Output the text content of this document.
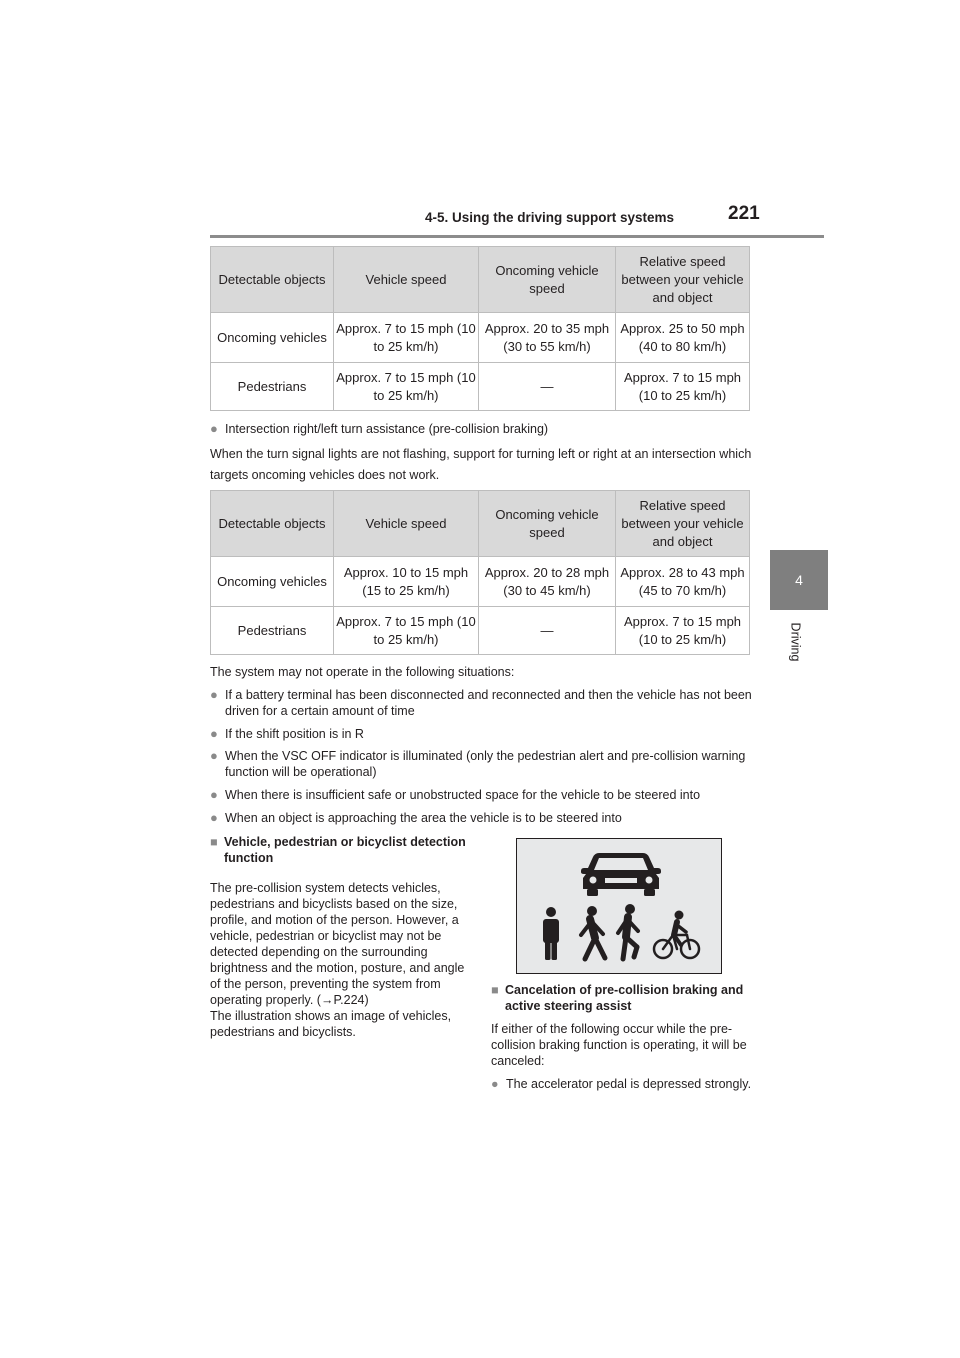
4-5. Using the driving support systems	221
4
Driving
Detectable objects	Vehicle speed	Oncoming vehicle speed	Relative speed between your vehicle and object
Oncoming vehicles	Approx. 7 to 15 mph (10 to 25 km/h)	Approx. 20 to 35 mph (30 to 55 km/h)	Approx. 25 to 50 mph (40 to 80 km/h)
Pedestrians	Approx. 7 to 15 mph (10 to 25 km/h)	—	Approx. 7 to 15 mph (10 to 25 km/h)
● Intersection right/left turn assistance (pre-collision braking)
When the turn signal lights are not flashing, support for turning left or right at an intersection which targets oncoming vehicles does not work.
Detectable objects	Vehicle speed	Oncoming vehicle speed	Relative speed between your vehicle and object
Oncoming vehicles	Approx. 10 to 15 mph (15 to 25 km/h)	Approx. 20 to 28 mph (30 to 45 km/h)	Approx. 28 to 43 mph (45 to 70 km/h)
Pedestrians	Approx. 7 to 15 mph (10 to 25 km/h)	—	Approx. 7 to 15 mph (10 to 25 km/h)
The system may not operate in the following situations:
● If a battery terminal has been disconnected and reconnected and then the vehicle has not been driven for a certain amount of time
● If the shift position is in R
● When the VSC OFF indicator is illuminated (only the pedestrian alert and pre-collision warning function will be operational)
● When there is insufficient safe or unobstructed space for the vehicle to be steered into
● When an object is approaching the area the vehicle is to be steered into
■ Vehicle, pedestrian or bicyclist detection function
The pre-collision system detects vehicles, pedestrians and bicyclists based on the size, profile, and motion of the person. However, a vehicle, pedestrian or bicyclist may not be detected depending on the surrounding brightness and the motion, posture, and angle of the person, preventing the system from operating properly. (→P.224)
The illustration shows an image of vehicles, pedestrians and bicyclists.
■ Cancelation of pre-collision braking and active steering assist
If either of the following occur while the pre-collision braking function is operating, it will be canceled:
● The accelerator pedal is depressed strongly.
